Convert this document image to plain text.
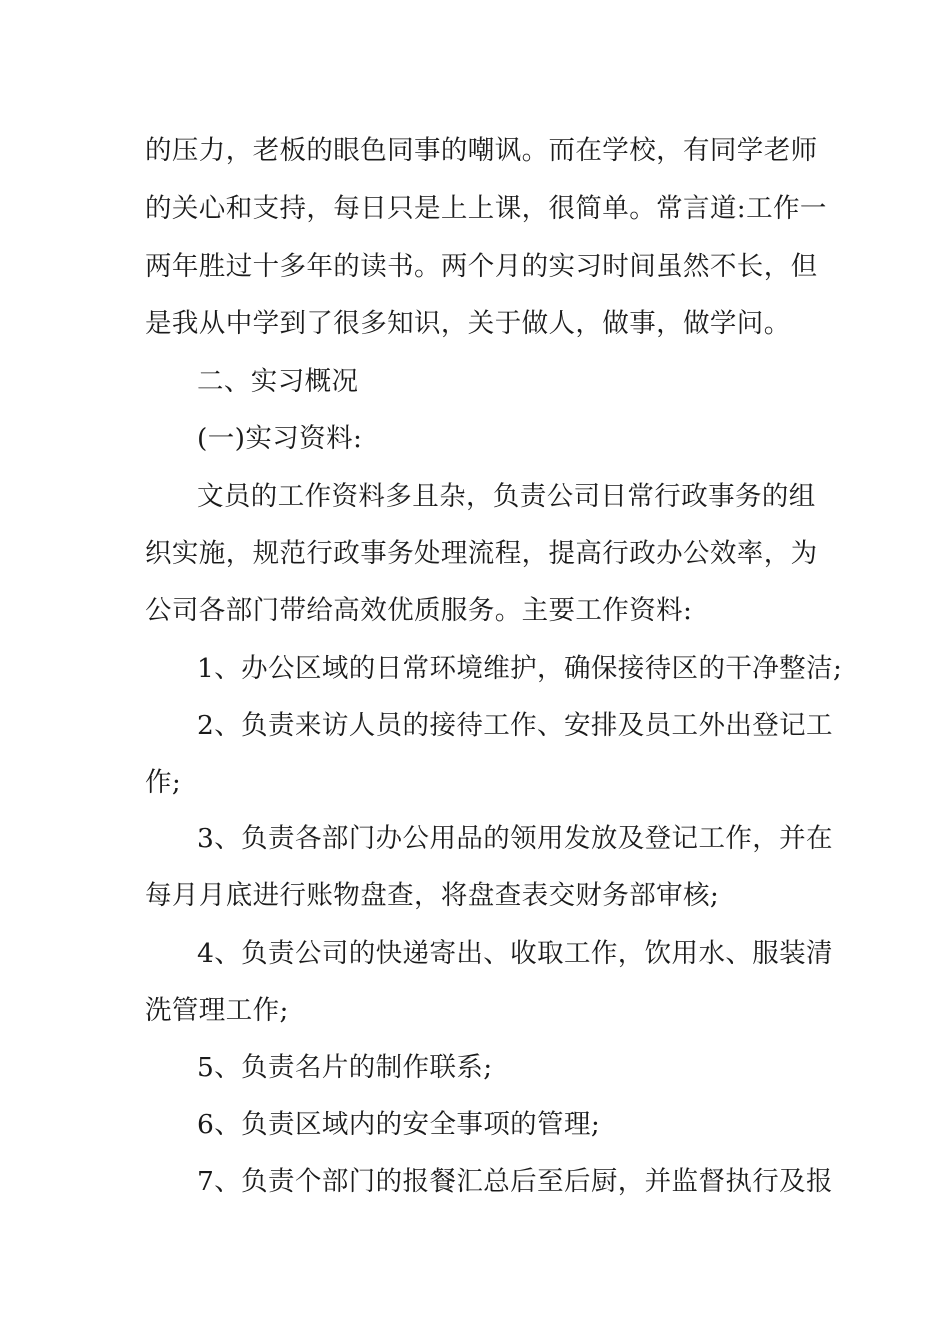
的压力，老板的眼色同事的嘲讽。而在学校，有同学老师
的关心和支持，每日只是上上课，很简单。常言道:工作一
两年胜过十多年的读书。两个月的实习时间虽然不长，但
是我从中学到了很多知识，关于做人，做事，做学问。
二、实习概况
(一)实习资料:
文员的工作资料多且杂，负责公司日常行政事务的组
织实施，规范行政事务处理流程，提高行政办公效率，为
公司各部门带给高效优质服务。主要工作资料:
1、办公区域的日常环境维护，确保接待区的干净整洁;
2、负责来访人员的接待工作、安排及员工外出登记工
作;
3、负责各部门办公用品的领用发放及登记工作，并在
每月月底进行账物盘查，将盘查表交财务部审核;
4、负责公司的快递寄出、收取工作，饮用水、服装清
洗管理工作;
5、负责名片的制作联系;
6、负责区域内的安全事项的管理;
7、负责个部门的报餐汇总后至后厨，并监督执行及报
